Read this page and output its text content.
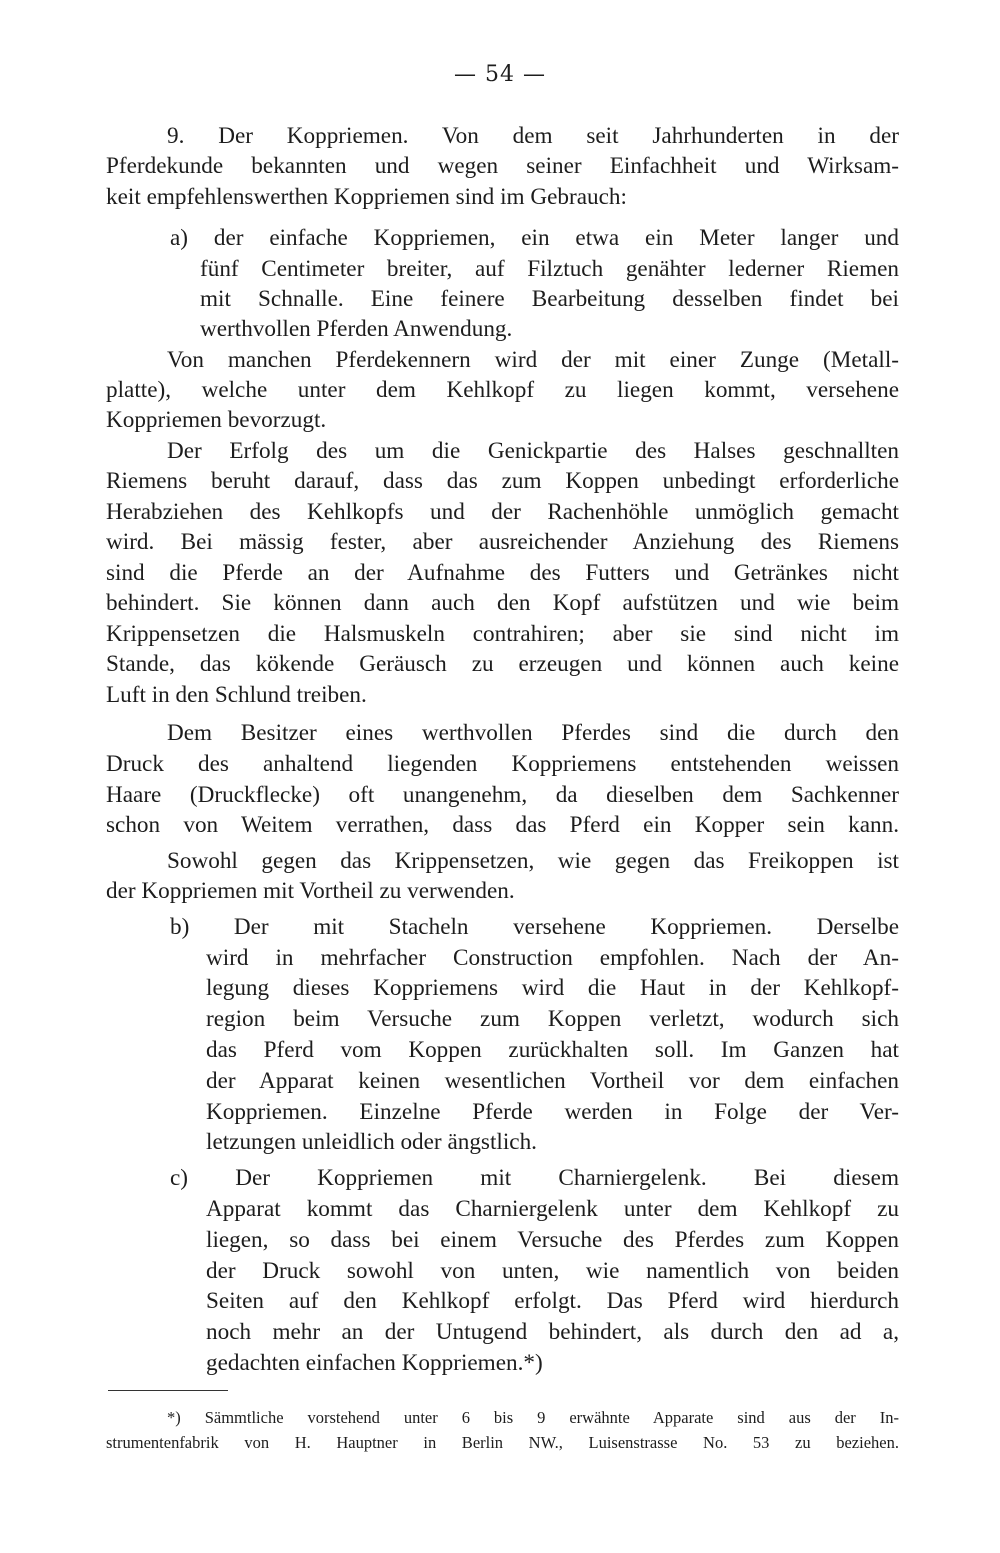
— 54 —
9. Der Koppriemen. Von dem seit Jahrhunderten in der
Pferdekunde bekannten und wegen seiner Einfachheit und Wirksam-
keit empfehlenswerthen Koppriemen sind im Gebrauch:
a) der einfache Koppriemen, ein etwa ein Meter langer und
fünf Centimeter breiter, auf Filztuch genähter lederner Riemen
mit Schnalle. Eine feinere Bearbeitung desselben findet bei
werthvollen Pferden Anwendung.
Von manchen Pferdekennern wird der mit einer Zunge (Metall-
platte), welche unter dem Kehlkopf zu liegen kommt, versehene
Koppriemen bevorzugt.
Der Erfolg des um die Genickpartie des Halses geschnallten
Riemens beruht darauf, dass das zum Koppen unbedingt erforderliche
Herabziehen des Kehlkopfs und der Rachenhöhle unmöglich gemacht
wird. Bei mässig fester, aber ausreichender Anziehung des Riemens
sind die Pferde an der Aufnahme des Futters und Getränkes nicht
behindert. Sie können dann auch den Kopf aufstützen und wie beim
Krippensetzen die Halsmuskeln contrahiren; aber sie sind nicht im
Stande, das kökende Geräusch zu erzeugen und können auch keine
Luft in den Schlund treiben.
Dem Besitzer eines werthvollen Pferdes sind die durch den
Druck des anhaltend liegenden Koppriemens entstehenden weissen
Haare (Druckflecke) oft unangenehm, da dieselben dem Sachkenner
schon von Weitem verrathen, dass das Pferd ein Kopper sein kann.
Sowohl gegen das Krippensetzen, wie gegen das Freikoppen ist
der Koppriemen mit Vortheil zu verwenden.
b) Der mit Stacheln versehene Koppriemen. Derselbe
wird in mehrfacher Construction empfohlen. Nach der An-
legung dieses Koppriemens wird die Haut in der Kehlkopf-
region beim Versuche zum Koppen verletzt, wodurch sich
das Pferd vom Koppen zurückhalten soll. Im Ganzen hat
der Apparat keinen wesentlichen Vortheil vor dem einfachen
Koppriemen. Einzelne Pferde werden in Folge der Ver-
letzungen unleidlich oder ängstlich.
c) Der Koppriemen mit Charniergelenk. Bei diesem
Apparat kommt das Charniergelenk unter dem Kehlkopf zu
liegen, so dass bei einem Versuche des Pferdes zum Koppen
der Druck sowohl von unten, wie namentlich von beiden
Seiten auf den Kehlkopf erfolgt. Das Pferd wird hierdurch
noch mehr an der Untugend behindert, als durch den ad a,
gedachten einfachen Koppriemen.*)
*) Sämmtliche vorstehend unter 6 bis 9 erwähnte Apparate sind aus der In-
strumentenfabrik von H. Hauptner in Berlin NW., Luisenstrasse No. 53 zu beziehen.
